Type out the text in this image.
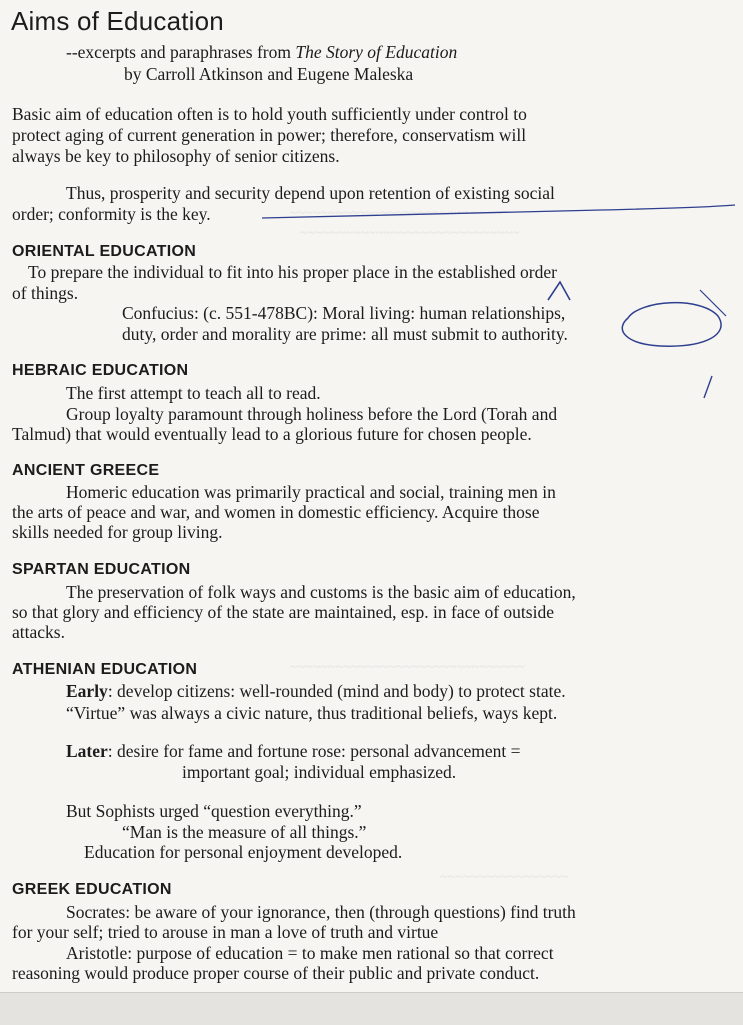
~~~~~~~~~~~~~~~~~~~~~~~~~~~~
~~~~~~~~~~~~~~~~~~~~~~~~~~~~~
~~~~~~~~~~~~~~~~~~~~~~~~~~~~~~~
~~~~~~~~~~~~~~~~~
Aims of Education
--excerpts and paraphrases from The Story of Education
by Carroll Atkinson and Eugene Maleska
Basic aim of education often is to hold youth sufficiently under control to
protect aging of current generation in power; therefore, conservatism will
always be key to philosophy of senior citizens.
Thus, prosperity and security depend upon retention of existing social
order; conformity is the key.
ORIENTAL EDUCATION
To prepare the individual to fit into his proper place in the established order
of things.
Confucius: (c. 551-478BC): Moral living: human relationships,
duty, order and morality are prime: all must submit to authority.
HEBRAIC EDUCATION
The first attempt to teach all to read.
Group loyalty paramount through holiness before the Lord (Torah and
Talmud) that would eventually lead to a glorious future for chosen people.
ANCIENT GREECE
Homeric education was primarily practical and social, training men in
the arts of peace and war, and women in domestic efficiency. Acquire those
skills needed for group living.
SPARTAN EDUCATION
The preservation of folk ways and customs is the basic aim of education,
so that glory and efficiency of the state are maintained, esp. in face of outside
attacks.
ATHENIAN EDUCATION
Early: develop citizens: well-rounded (mind and body) to protect state.
“Virtue” was always a civic nature, thus traditional beliefs, ways kept.
Later: desire for fame and fortune rose: personal advancement =
important goal; individual emphasized.
But Sophists urged “question everything.”
“Man is the measure of all things.”
Education for personal enjoyment developed.
GREEK EDUCATION
Socrates: be aware of your ignorance, then (through questions) find truth
for your self; tried to arouse in man a love of truth and virtue
Aristotle: purpose of education = to make men rational so that correct
reasoning would produce proper course of their public and private conduct.
